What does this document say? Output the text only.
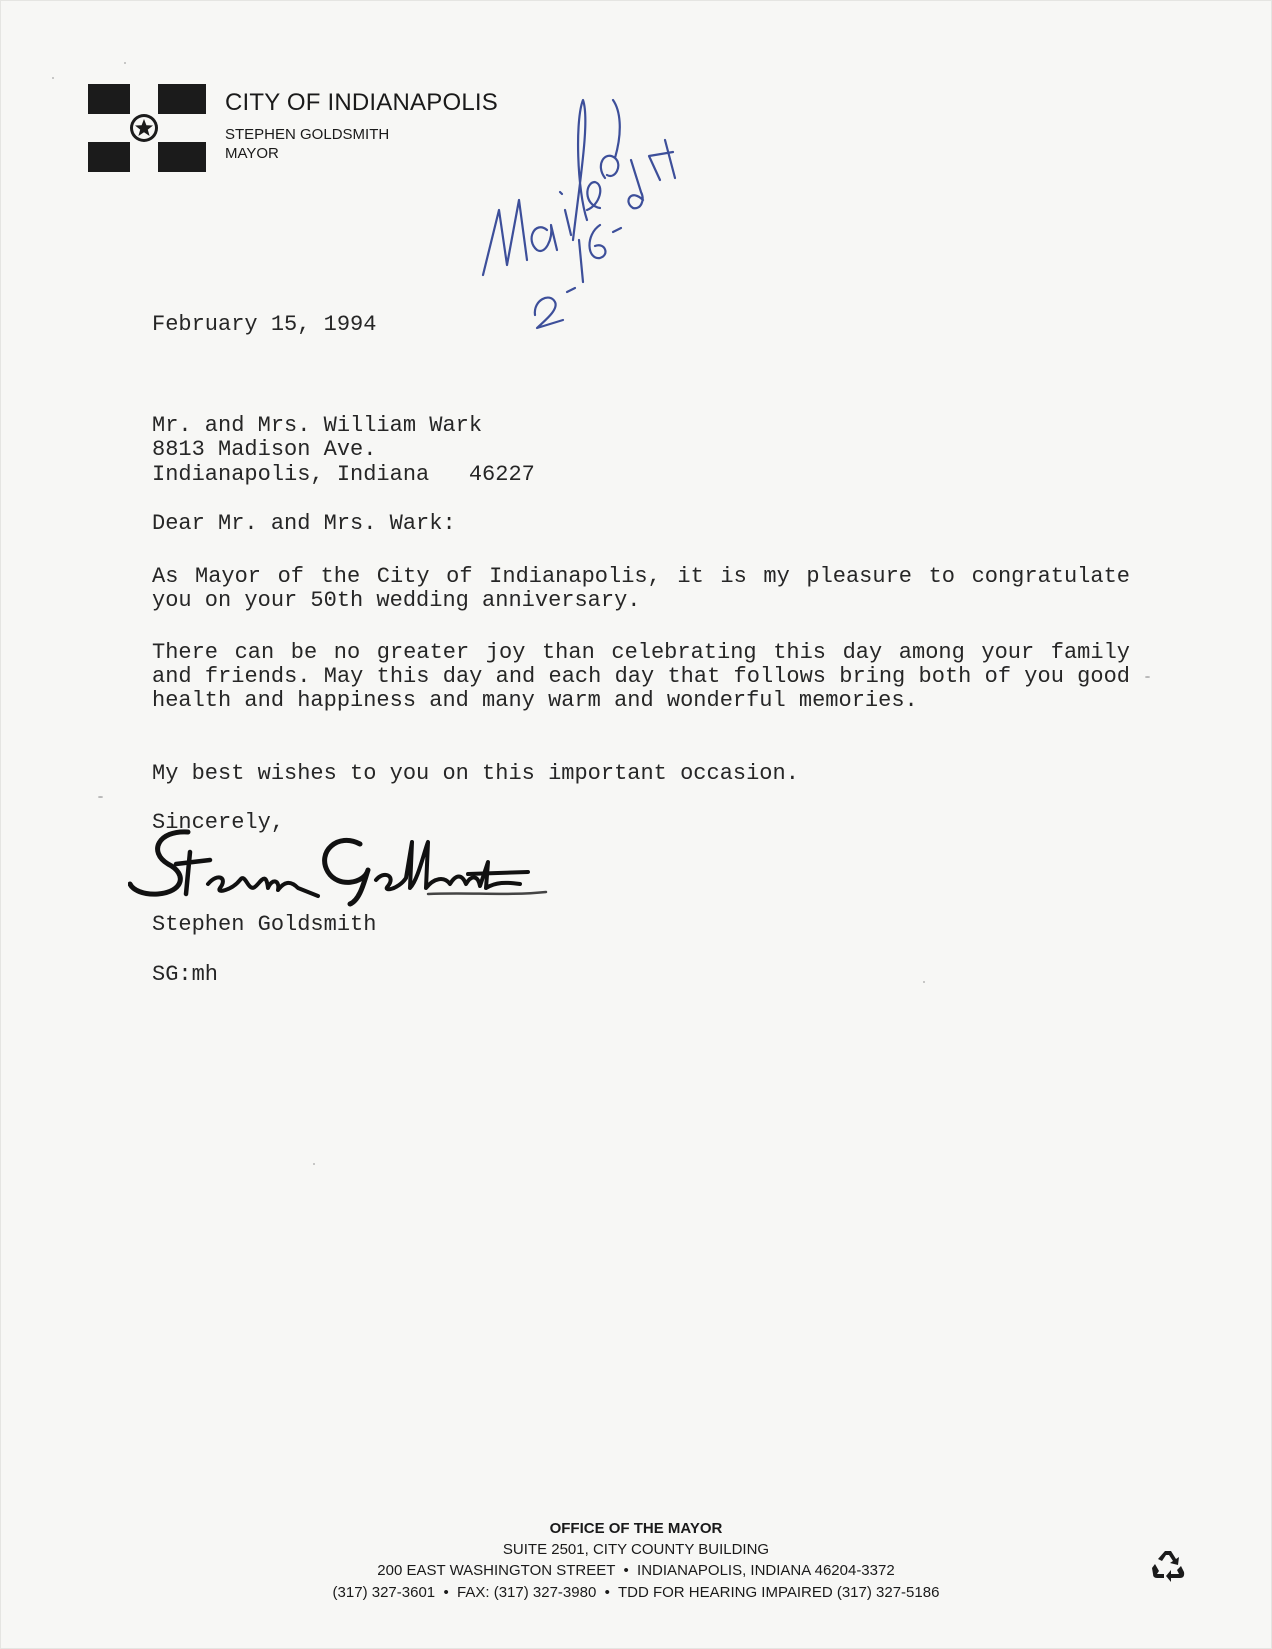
CITY OF INDIANAPOLIS
STEPHEN GOLDSMITH
MAYOR
February 15, 1994
Mr. and Mrs. William Wark
8813 Madison Ave.
Indianapolis, Indiana   46227
Dear Mr. and Mrs. Wark:
As Mayor of the City of Indianapolis, it is my pleasure to congratulate you on your 50th wedding anniversary.
There can be no greater joy than celebrating this day among your family and friends. May this day and each day that follows bring both of you good health and happiness and many warm and wonderful memories.
My best wishes to you on this important occasion.
Sincerely,
Stephen Goldsmith
Stephen Goldsmith
SG:mh
OFFICE OF THE MAYOR
SUITE 2501, CITY COUNTY BUILDING
200 EAST WASHINGTON STREET  •  INDIANAPOLIS, INDIANA 46204-3372
(317) 327-3601  •  FAX: (317) 327-3980  •  TDD FOR HEARING IMPAIRED (317) 327-5186
